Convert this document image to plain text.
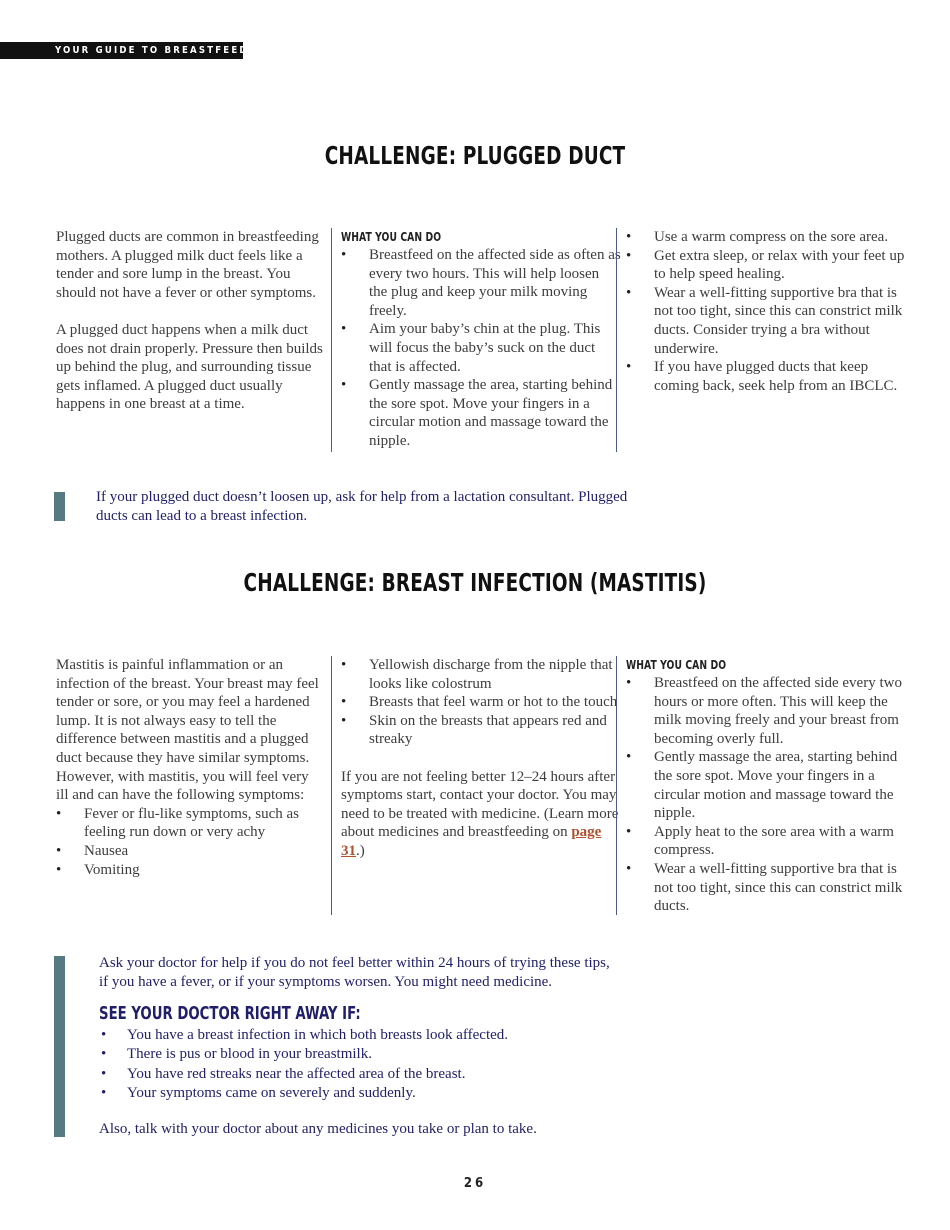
YOUR GUIDE TO BREASTFEEDING
CHALLENGE: PLUGGED DUCT

Plugged ducts are common in breastfeeding mothers. A plugged milk duct feels like a tender and sore lump in the breast. You should not have a fever or other symptoms.

A plugged duct happens when a milk duct does not drain properly. Pressure then builds up behind the plug, and surrounding tissue gets inflamed. A plugged duct usually happens in one breast at a time.

WHAT YOU CAN DO
• Breastfeed on the affected side as often as every two hours. This will help loosen the plug and keep your milk moving freely.
• Aim your baby’s chin at the plug. This will focus the baby’s suck on the duct that is affected.
• Gently massage the area, starting behind the sore spot. Move your fingers in a circular motion and massage toward the nipple.
• Use a warm compress on the sore area.
• Get extra sleep, or relax with your feet up to help speed healing.
• Wear a well-fitting supportive bra that is not too tight, since this can constrict milk ducts. Consider trying a bra without underwire.
• If you have plugged ducts that keep coming back, seek help from an IBCLC.

If your plugged duct doesn’t loosen up, ask for help from a lactation consultant. Plugged ducts can lead to a breast infection.

CHALLENGE: BREAST INFECTION (MASTITIS)

Mastitis is painful inflammation or an infection of the breast. Your breast may feel tender or sore, or you may feel a hardened lump. It is not always easy to tell the difference between mastitis and a plugged duct because they have similar symptoms. However, with mastitis, you will feel very ill and can have the following symptoms:

• Fever or flu-like symptoms, such as feeling run down or very achy
• Nausea
• Vomiting
• Yellowish discharge from the nipple that looks like colostrum
• Breasts that feel warm or hot to the touch
• Skin on the breasts that appears red and streaky

If you are not feeling better 12–24 hours after symptoms start, contact your doctor. You may need to be treated with medicine. (Learn more about medicines and breastfeeding on page 31.)

WHAT YOU CAN DO
• Breastfeed on the affected side every two hours or more often. This will keep the milk moving freely and your breast from becoming overly full.
• Gently massage the area, starting behind the sore spot. Move your fingers in a circular motion and massage toward the nipple.
• Apply heat to the sore area with a warm compress.
• Wear a well-fitting supportive bra that is not too tight, since this can constrict milk ducts.

Ask your doctor for help if you do not feel better within 24 hours of trying these tips, if you have a fever, or if your symptoms worsen. You might need medicine.

SEE YOUR DOCTOR RIGHT AWAY IF:
• You have a breast infection in which both breasts look affected.
• There is pus or blood in your breastmilk.
• You have red streaks near the affected area of the breast.
• Your symptoms came on severely and suddenly.

Also, talk with your doctor about any medicines you take or plan to take.

26
